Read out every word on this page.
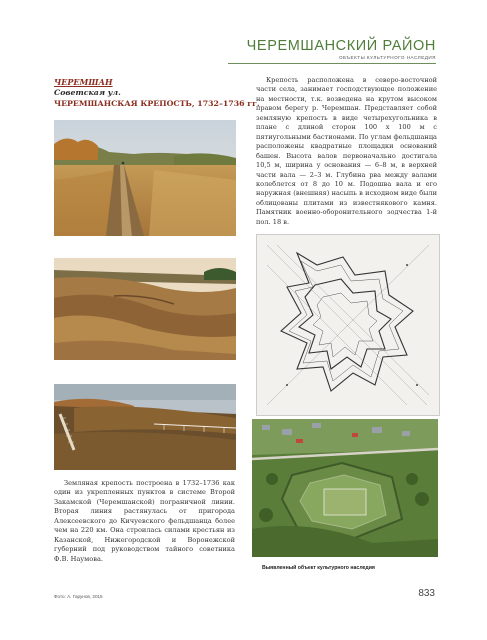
ЧЕРЕМШАНСКИЙ РАЙОН
ОБЪЕКТЫ КУЛЬТУРНОГО НАСЛЕДИЯ
ЧЕРЕМШАН
Советская ул.
ЧЕРЕМШАНСКАЯ КРЕПОСТЬ, 1732–1736 гг.
Крепость расположена в северо-восточной части села, занимает господствующее положение на местности, т.к. возведена на крутом высоком правом берегу р. Черемшан. Представляет собой земляную крепость в виде четырехугольника в плане с длиной сторон 100 х 100 м с пятиугольными бастионами. По углам фельдшанца расположены квадратные площадки оснований башен. Высота валов первоначально достигала 10,5 м, ширина у основания — 6–8 м, в верхней части вала — 2–3 м. Глубина рва между валами колеблется от 8 до 10 м. Подошва вала и его наружная (внешняя) насыпь в исходном виде были облицованы плитами из известнякового камня. Памятник военно-оборонительного зодчества 1-й пол. 18 в.
Выявленный объект культурного наследия
Земляная крепость построена в 1732–1736 как один из укрепленных пунктов в системе Второй Закамской (Черемшанской) пограничной линии. Вторая линия растянулась от пригорода Алексеевского до Кичуевского фельдшанца более чем на 220 км. Она строилась силами крестьян из Казанской, Нижегородской и Воронежской губерний под руководством тайного советника Ф.В. Наумова.
Фото: А. Гарунов, 2015	833
